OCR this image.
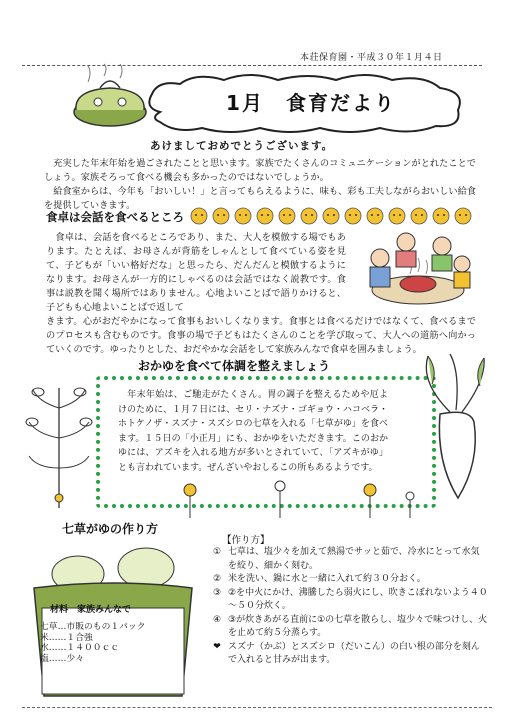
本荘保育園・平成３０年１月４日
1月　食育だより
あけましておめでとうございます。
　充実した年末年始を過ごされたことと思います。家族でたくさんのコミュニケーションがとれたことでしょう。家族そろって食べる機会も多かったのではないでしょうか。
　給食室からは、今年も「おいしい！」と言ってもらえるように、味も、彩も工夫しながらおいしい給食を提供していきます。
食卓は会話を食べるところ
　食卓は、会話を食べるところであり、また、大人を模倣する場でもあります。たとえば、お母さんが背筋をしゃんとして食べている姿を見て、子どもが「いい格好だな」と思ったら、だんだんと模倣するようになります。お母さんが一方的にしゃべるのは会話ではなく説教です。食事は説教を聞く場所ではありません。心地よいことばで語りかけると、子どもも心地よいことばで返して
きます。心がおだやかになって食事もおいしくなります。食事とは食べるだけではなくて、食べるまでのプロセスも含むものです。食事の場で子どもはたくさんのことを学び取って、大人への道筋へ向かっていくのです。ゆったりとした、おだやかな会話をして家族みんなで食卓を囲みましょう。
おかゆを食べて体調を整えましょう
　年末年始は、ご馳走がたくさん。胃の調子を整えるためや厄よけのために、１月７日には、セリ・ナズナ・ゴギョウ・ハコベラ・ホトケノザ・スズナ・スズシロの七草を入れる「七草がゆ」を食べます。１５日の「小正月」にも、おかゆをいただきます。このおかゆには、アズキを入れる地方が多いとされていて、「アズキがゆ」とも言われています。ぜんざいやおしるこの所もあるようです。
七草がゆの作り方
材料　家族みんなで
七草…市販のもの１パック
米……１合強
水……１４００ｃｃ
塩……少々
【作り方】
① 七草は、塩少々を加えて熱湯でサッと茹で、冷水にとって水気を絞り、細かく刻む。
② 米を洗い、鍋に水と一緒に入れて約３０分おく。
③ ②を中火にかけ、沸騰したら弱火にし、吹きこぼれないよう４０～５０分炊く。
④ ③が炊きあがる直前に①の七草を散らし、塩少々で味つけし、火を止めて約５分蒸らす。
❤ スズナ（かぶ）とスズシロ（だいこん）の白い根の部分を刻んで入れると甘みが出ます。
